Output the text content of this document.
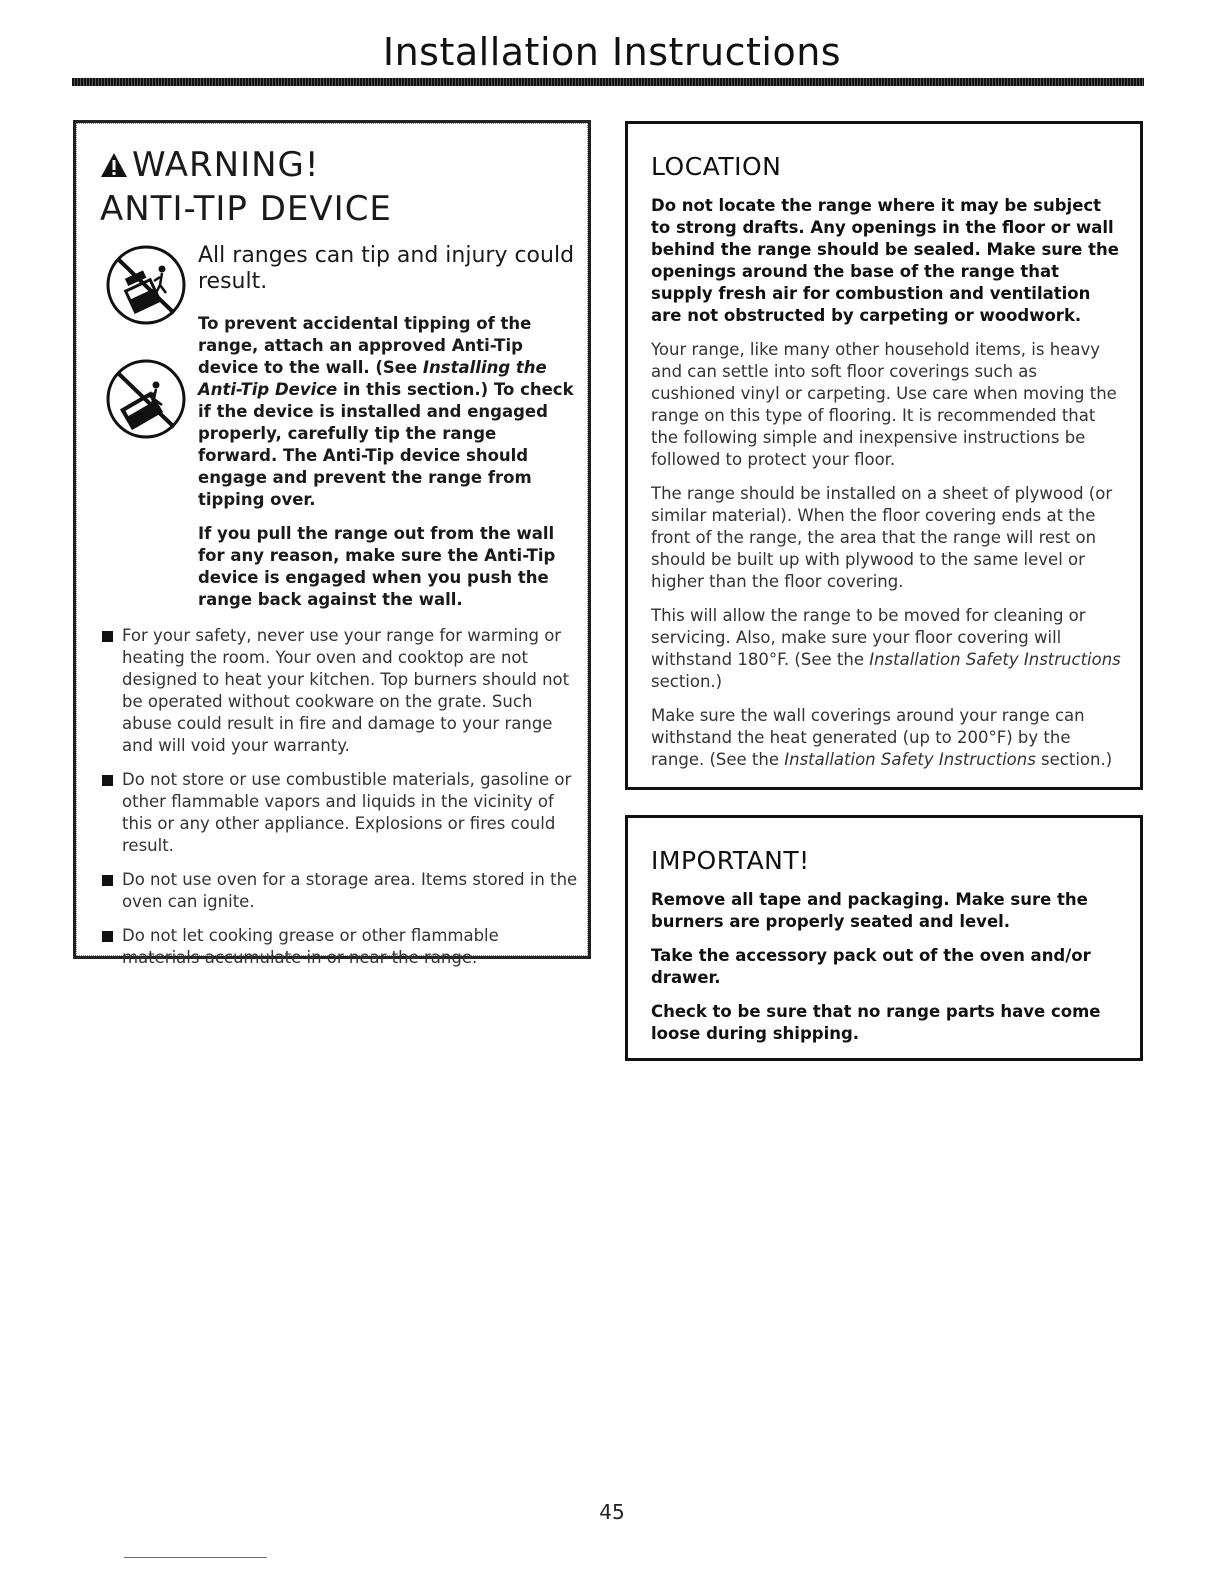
Installation Instructions
WARNING!
ANTI-TIP DEVICE

All ranges can tip and injury could result.

To prevent accidental tipping of the range, attach an approved Anti-Tip device to the wall. (See Installing the Anti-Tip Device in this section.) To check if the device is installed and engaged properly, carefully tip the range forward. The Anti-Tip device should engage and prevent the range from tipping over.

If you pull the range out from the wall for any reason, make sure the Anti-Tip device is engaged when you push the range back against the wall.

For your safety, never use your range for warming or heating the room. Your oven and cooktop are not designed to heat your kitchen. Top burners should not be operated without cookware on the grate. Such abuse could result in fire and damage to your range and will void your warranty.
Do not store or use combustible materials, gasoline or other flammable vapors and liquids in the vicinity of this or any other appliance. Explosions or fires could result.
Do not use oven for a storage area. Items stored in the oven can ignite.
Do not let cooking grease or other flammable materials accumulate in or near the range.
LOCATION

Do not locate the range where it may be subject to strong drafts. Any openings in the floor or wall behind the range should be sealed. Make sure the openings around the base of the range that supply fresh air for combustion and ventilation are not obstructed by carpeting or woodwork.

Your range, like many other household items, is heavy and can settle into soft floor coverings such as cushioned vinyl or carpeting. Use care when moving the range on this type of flooring. It is recommended that the following simple and inexpensive instructions be followed to protect your floor.

The range should be installed on a sheet of plywood (or similar material). When the floor covering ends at the front of the range, the area that the range will rest on should be built up with plywood to the same level or higher than the floor covering.

This will allow the range to be moved for cleaning or servicing. Also, make sure your floor covering will withstand 180°F. (See the Installation Safety Instructions section.)

Make sure the wall coverings around your range can withstand the heat generated (up to 200°F) by the range. (See the Installation Safety Instructions section.)

IMPORTANT!

Remove all tape and packaging. Make sure the burners are properly seated and level.

Take the accessory pack out of the oven and/or drawer.

Check to be sure that no range parts have come loose during shipping.

45
